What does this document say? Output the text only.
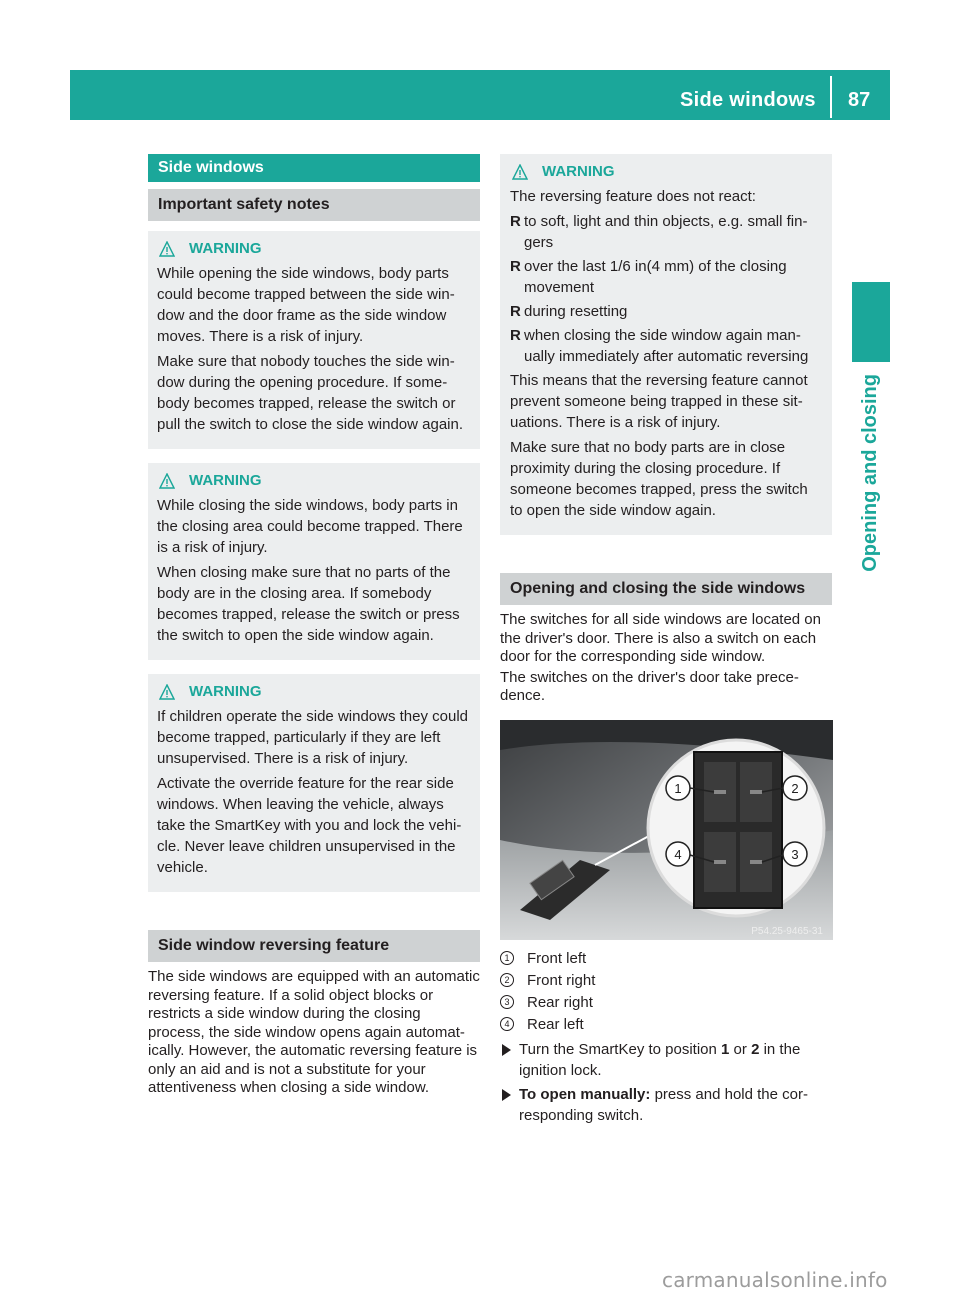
Side windows 87
Opening and closing
Side windows
Important safety notes
WARNING

While opening the side windows, body parts could become trapped between the side window and the door frame as the side window moves. There is a risk of injury.

Make sure that nobody touches the side window during the opening procedure. If somebody becomes trapped, release the switch or pull the switch to close the side window again.

WARNING

While closing the side windows, body parts in the closing area could become trapped. There is a risk of injury.

When closing make sure that no parts of the body are in the closing area. If somebody becomes trapped, release the switch or press the switch to open the side window again.

WARNING

If children operate the side windows they could become trapped, particularly if they are left unsupervised. There is a risk of injury.

Activate the override feature for the rear side windows. When leaving the vehicle, always take the SmartKey with you and lock the vehicle. Never leave children unsupervised in the vehicle.

Side window reversing feature

The side windows are equipped with an automatic reversing feature. If a solid object blocks or restricts a side window during the closing process, the side window opens again automatically. However, the automatic reversing feature is only an aid and is not a substitute for your attentiveness when closing a side window.

WARNING

The reversing feature does not react:

R to soft, light and thin objects, e.g. small fingers
R over the last 1/6 in(4 mm) of the closing movement
R during resetting
R when closing the side window again manually immediately after automatic reversing

This means that the reversing feature cannot prevent someone being trapped in these situations. There is a risk of injury.

Make sure that no body parts are in close proximity during the closing procedure. If someone becomes trapped, press the switch to open the side window again.

Opening and closing the side windows

The switches for all side windows are located on the driver's door. There is also a switch on each door for the corresponding side window.

The switches on the driver's door take precedence.

1	2
3
4
P54.25-9465-31
1	Front left
2	Front right
3	Rear right
4	Rear left
Turn the SmartKey to position 1 or 2 in the ignition lock.
To open manually: press and hold the corresponding switch.
carmanualsonline.info
